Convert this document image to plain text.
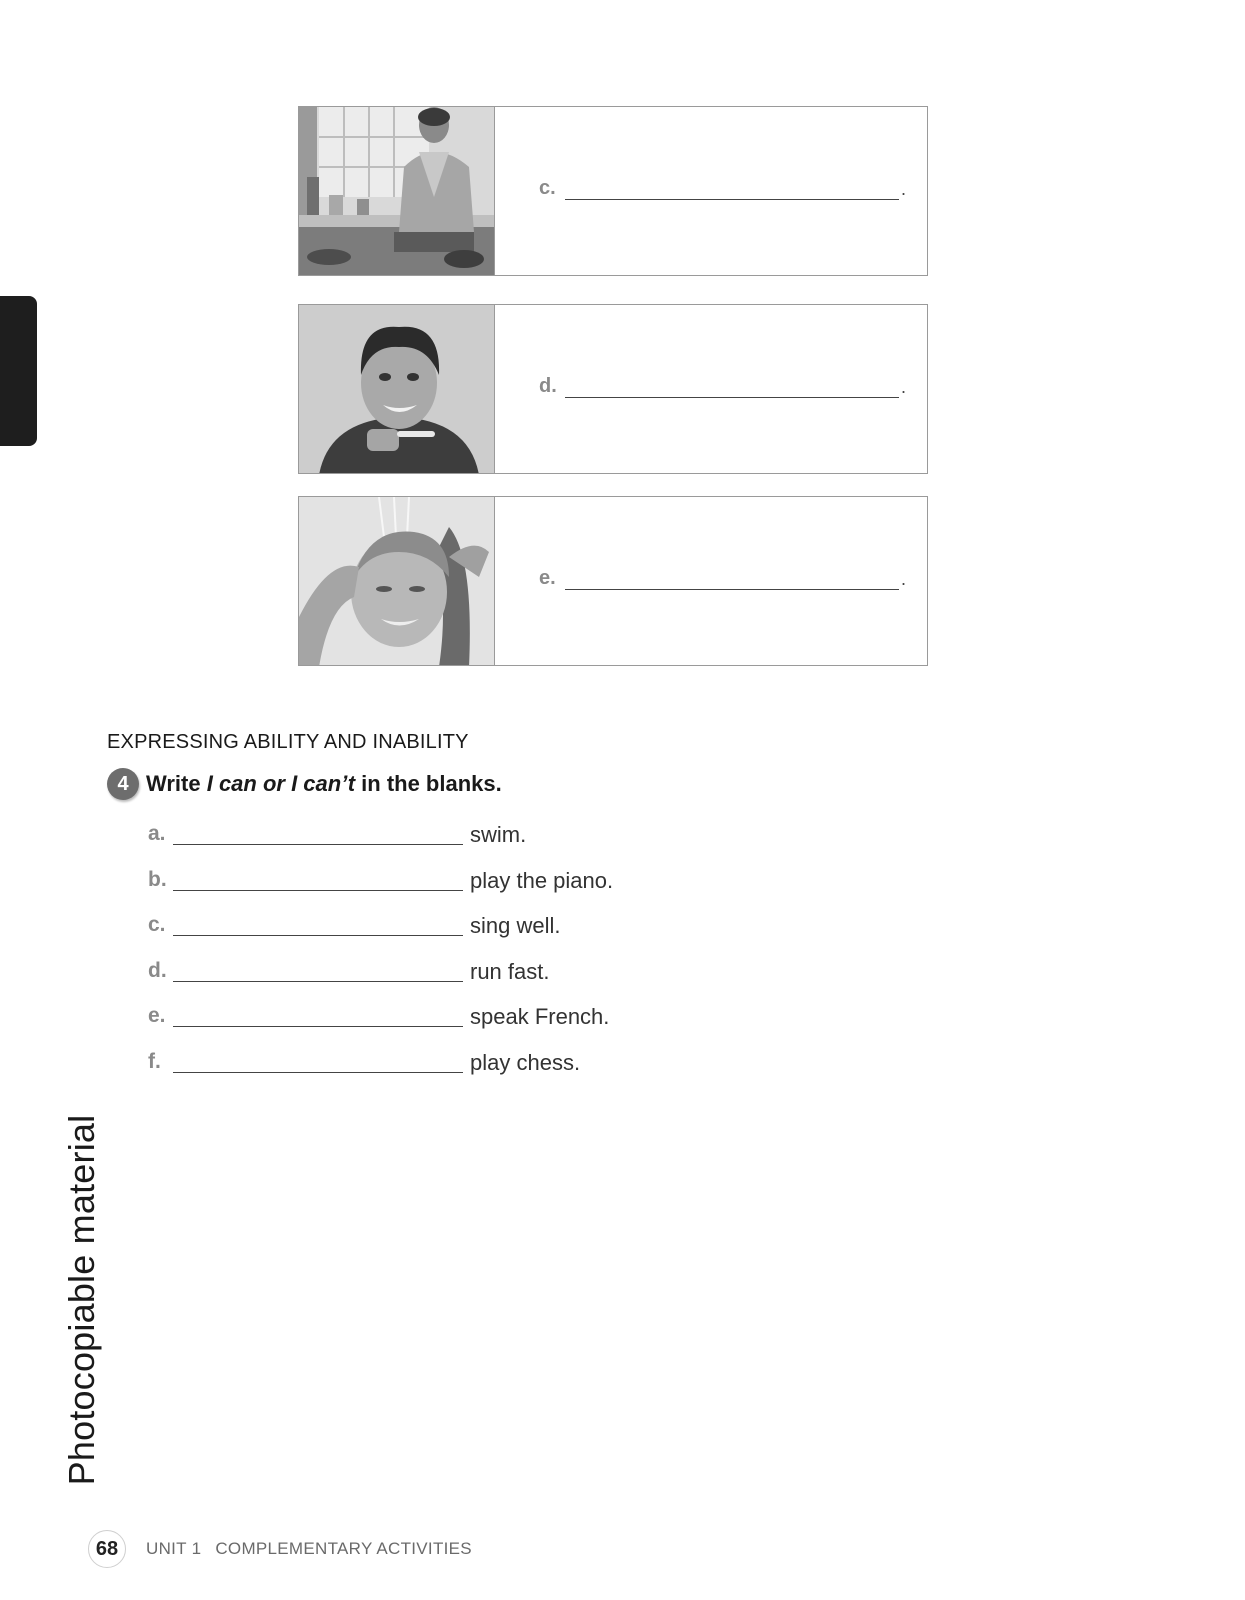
TOMO 1 UNIDAD 1	c.	.
d.	.
e.	.
EXPRESSING ABILITY AND INABILITY
4 Write I can or I can’t in the blanks.
a.	swim.
b.	play the piano.
c.	sing well.
d.	run fast.
e.	speak French.
f.	play chess.
Photocopiable material
68	UNIT 1 COMPLEMENTARY ACTIVITIES
